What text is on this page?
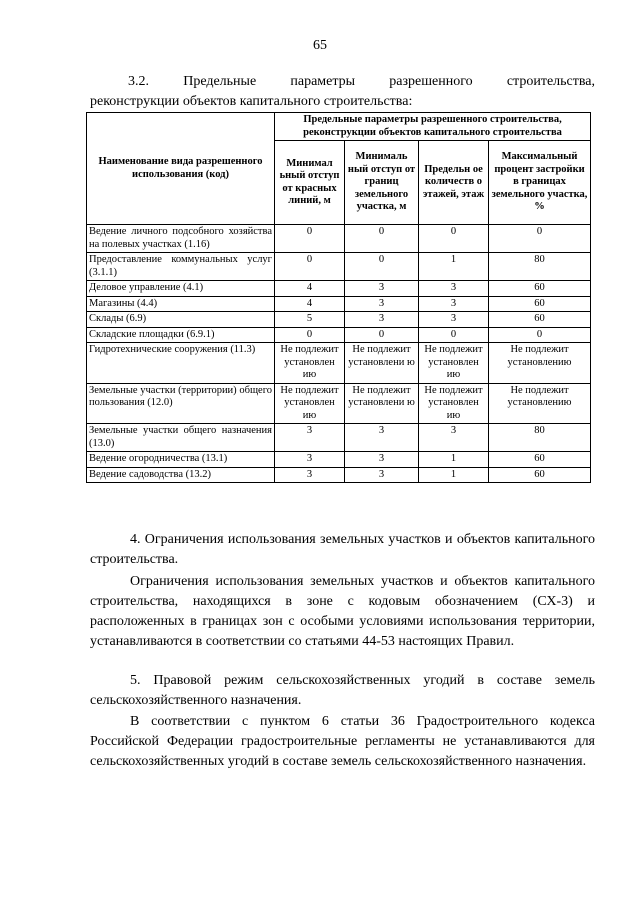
65
3.2. Предельные параметры разрешенного строительства,
реконструкции объектов капитального строительства:
Наименование вида разрешенного использования (код)	Предельные параметры разрешенного строительства, реконструкции объектов капитального строительства			
	Минимал ьный отступ от красных линий, м	Минималь ный отступ от границ земельного участка, м	Предельн ое количеств о этажей, этаж	Максимальный процент застройки в границах земельного участка, %
Ведение личного подсобного хозяйства на полевых участках (1.16)	0	0	0	0
Предоставление коммунальных услуг (3.1.1)	0	0	1	80
Деловое управление (4.1)	4	3	3	60
Магазины (4.4)	4	3	3	60
Склады (6.9)	5	3	3	60
Складские площадки (6.9.1)	0	0	0	0
Гидротехнические сооружения (11.3)	Не подлежит установлен ию	Не подлежит установлени ю	Не подлежит установлен ию	Не подлежит установлению
Земельные участки (территории) общего пользования (12.0)	Не подлежит установлен ию	Не подлежит установлени ю	Не подлежит установлен ию	Не подлежит установлению
Земельные участки общего назначения (13.0)	3	3	3	80
Ведение огородничества (13.1)	3	3	1	60
Ведение садоводства (13.2)	3	3	1	60
4. Ограничения использования земельных участков и объектов капитального строительства.
Ограничения использования земельных участков и объектов капитального строительства, находящихся в зоне с кодовым обозначением (СХ-3) и расположенных в границах зон с особыми условиями использования территории, устанавливаются в соответствии со статьями 44-53 настоящих Правил.
5. Правовой режим сельскохозяйственных угодий в составе земель сельскохозяйственного назначения.
В соответствии с пунктом 6 статьи 36 Градостроительного кодекса Российской Федерации градостроительные регламенты не устанавливаются для сельскохозяйственных угодий в составе земель сельскохозяйственного назначения.
